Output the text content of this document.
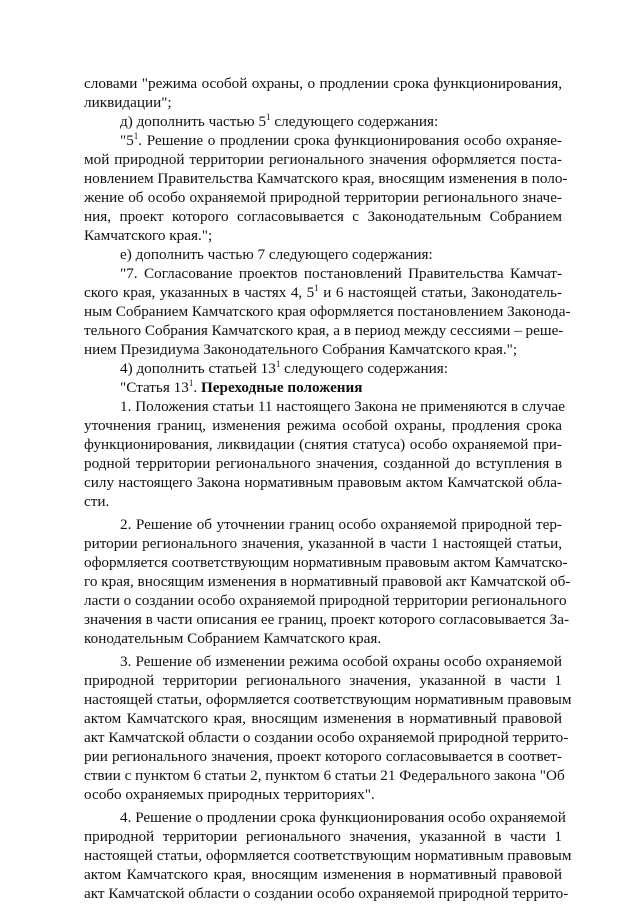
словами "режима особой охраны, о продлении срока функционирования,

ликвидации";

д) дополнить частью $5^1$ следующего содержания:

"$5^1$. Решение о продлении срока функционирования особо охраняе-

мой природной территории регионального значения оформляется поста-

новлением Правительства Камчатского края, вносящим изменения в поло-

жение об особо охраняемой природной территории регионального значе-

ния, проект которого согласовывается с Законодательным Собранием

Камчатского края.";

е) дополнить частью 7 следующего содержания:

"7. Согласование проектов постановлений Правительства Камчат-

ского края, указанных в частях 4, $5^1$ и 6 настоящей статьи, Законодатель-

ным Собранием Камчатского края оформляется постановлением Законода-

тельного Собрания Камчатского края, а в период между сессиями – реше-

нием Президиума Законодательного Собрания Камчатского края.";

4) дополнить статьей $13^1$ следующего содержания:

"Статья $13^1$. Переходные положения

1. Положения статьи 11 настоящего Закона не применяются в случае

уточнения границ, изменения режима особой охраны, продления срока

функционирования, ликвидации (снятия статуса) особо охраняемой при-

родной территории регионального значения, созданной до вступления в

силу настоящего Закона нормативным правовым актом Камчатской обла-

сти.

2. Решение об уточнении границ особо охраняемой природной тер-

ритории регионального значения, указанной в части 1 настоящей статьи,

оформляется соответствующим нормативным правовым актом Камчатско-

го края, вносящим изменения в нормативный правовой акт Камчатской об-

ласти о создании особо охраняемой природной территории регионального

значения в части описания ее границ, проект которого согласовывается За-

конодательным Собранием Камчатского края.

3. Решение об изменении режима особой охраны особо охраняемой

природной территории регионального значения, указанной в части 1

настоящей статьи, оформляется соответствующим нормативным правовым

актом Камчатского края, вносящим изменения в нормативный правовой

акт Камчатской области о создании особо охраняемой природной террито-

рии регионального значения, проект которого согласовывается в соответ-

ствии с пунктом 6 статьи 2, пунктом 6 статьи 21 Федерального закона "Об

особо охраняемых природных территориях".

4. Решение о продлении срока функционирования особо охраняемой

природной территории регионального значения, указанной в части 1

настоящей статьи, оформляется соответствующим нормативным правовым

актом Камчатского края, вносящим изменения в нормативный правовой

акт Камчатской области о создании особо охраняемой природной террито-
